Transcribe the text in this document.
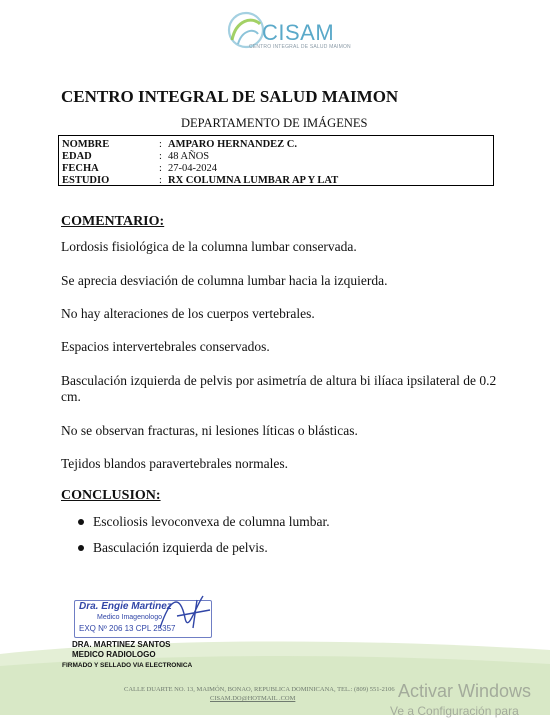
CISAM
CENTRO INTEGRAL DE SALUD MAIMON
CENTRO INTEGRAL DE SALUD MAIMON
DEPARTAMENTO DE IMÁGENES
NOMBRE	: AMPARO HERNANDEZ C.
EDAD	: 48 AÑOS
FECHA	: 27-04-2024
ESTUDIO	: RX COLUMNA LUMBAR AP Y LAT
COMENTARIO:
Lordosis fisiológica de la columna lumbar conservada.
Se aprecia desviación de columna lumbar hacia la izquierda.
No hay alteraciones de los cuerpos vertebrales.
Espacios intervertebrales conservados.
Basculación izquierda de pelvis por asimetría de altura bi ilíaca ipsilateral de 0.2 cm.
No se observan fracturas, ni lesiones líticas o blásticas.
Tejidos blandos paravertebrales normales.
CONCLUSION:
Escoliosis levoconvexa de columna lumbar.
Basculación izquierda de pelvis.
Dra. Engie Martinez
Medico Imagenologo
EXQ Nº 206 13 CPL 25357
DRA. MARTINEZ SANTOS
MEDICO RADIOLOGO
FIRMADO Y SELLADO VIA ELECTRONICA
CALLE DUARTE NO. 13, MAIMÓN, BONAO, REPUBLICA DOMINICANA, TEL.: (809) 551-2106
CISAM.DO@HOTMAIL .COM	Activar Windows
Ve a Configuración para
